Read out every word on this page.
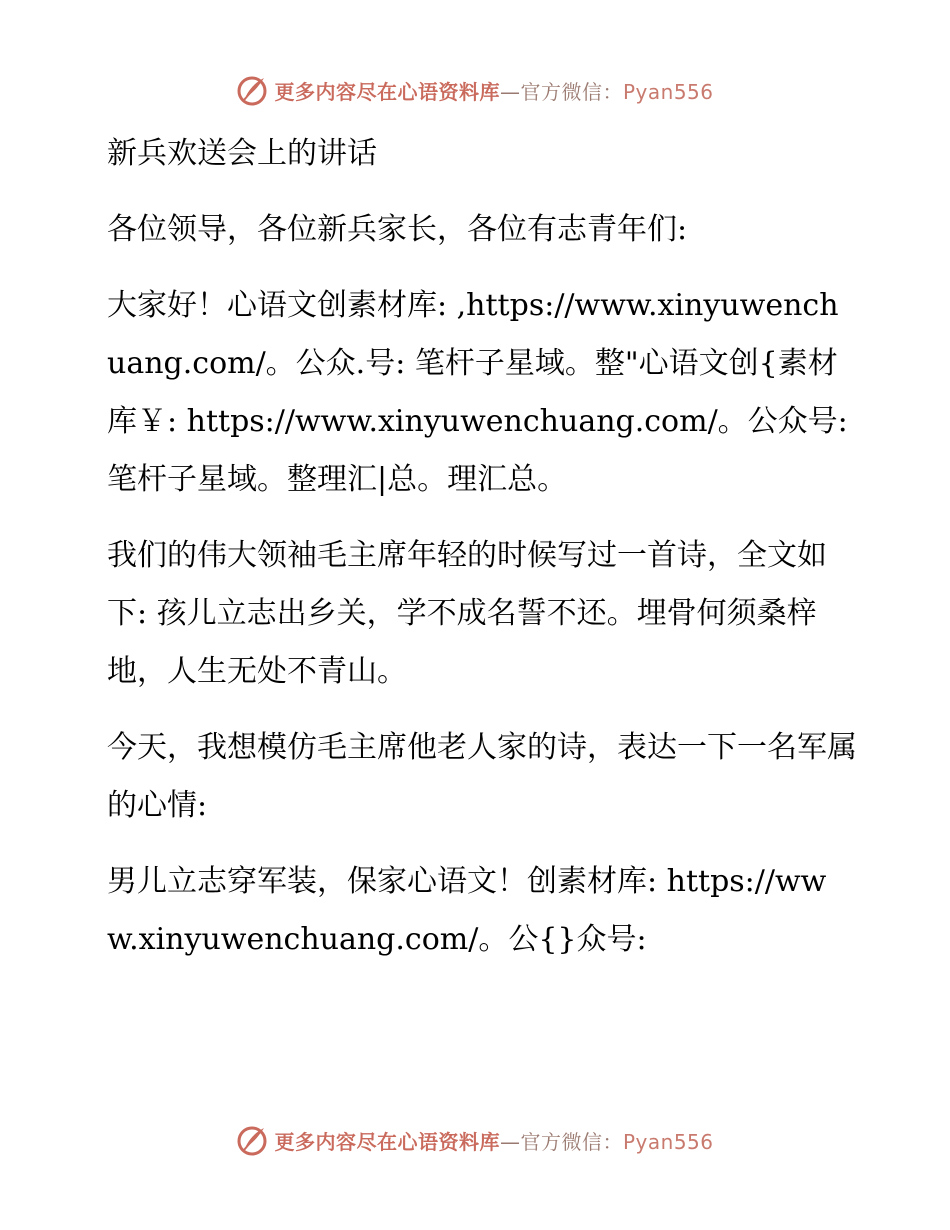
更多内容尽在心语资料库—官方微信：Pyan556

新兵欢送会上的讲话

各位领导，各位新兵家长，各位有志青年们:

大家好！心语文创素材库: ,https://www.xinyuwenchuang.com/。公众.号: 笔杆子星域。整"心语文创{素材库￥: https://www.xinyuwenchuang.com/。公众号: 笔杆子星域。整理汇|总。理汇总。

我们的伟大领袖毛主席年轻的时候写过一首诗，全文如下: 孩儿立志出乡关，学不成名誓不还。埋骨何须桑梓地，人生无处不青山。

今天，我想模仿毛主席他老人家的诗，表达一下一名军属的心情:

男儿立志穿军装，保家心语文！创素材库: https://www.xinyuwenchuang.com/。公{}众号:

更多内容尽在心语资料库—官方微信：Pyan556
